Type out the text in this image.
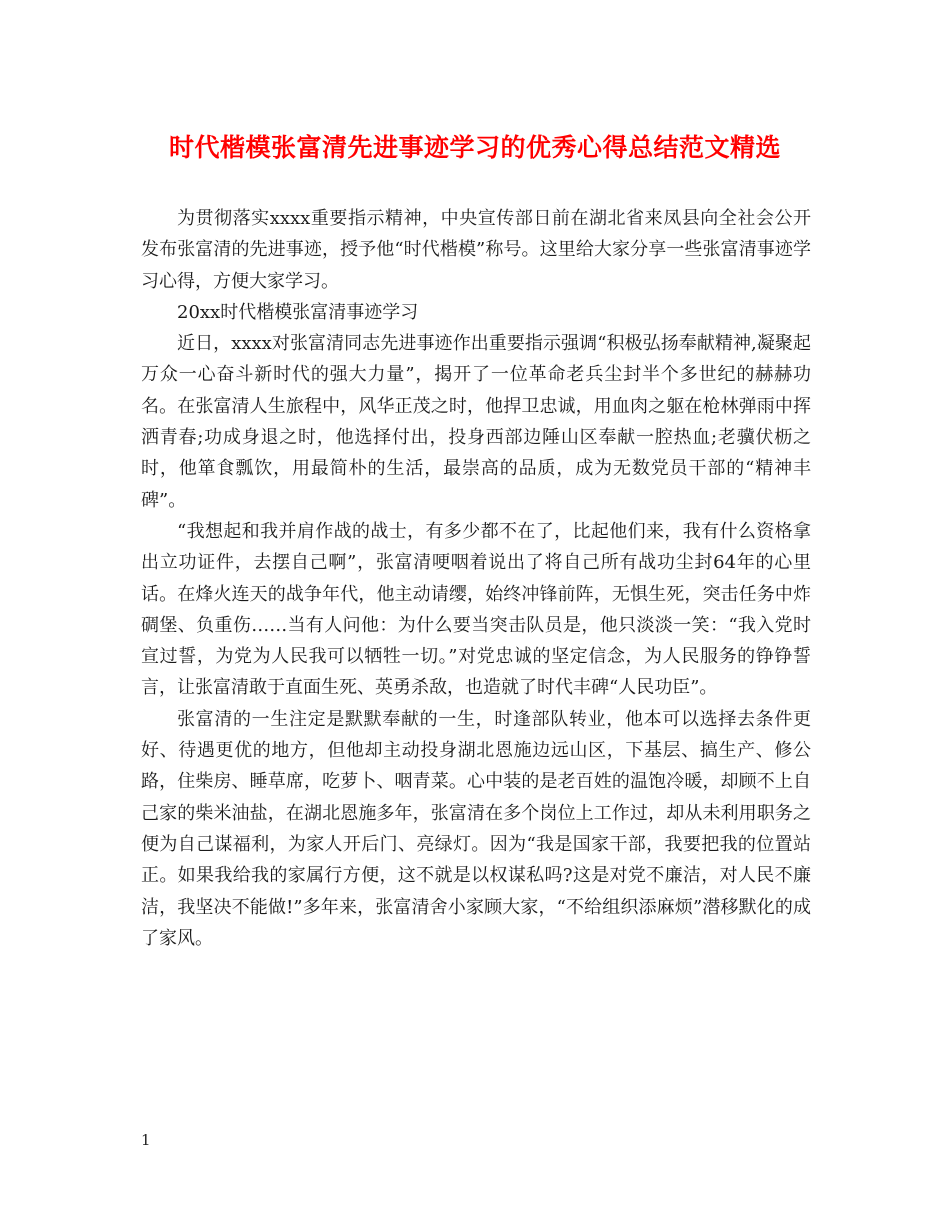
时代楷模张富清先进事迹学习的优秀心得总结范文精选

为贯彻落实xxxx重要指示精神，中央宣传部日前在湖北省来凤县向全社会公开发布张富清的先进事迹，授予他“时代楷模”称号。这里给大家分享一些张富清事迹学习心得，方便大家学习。

20xx时代楷模张富清事迹学习

近日，xxxx对张富清同志先进事迹作出重要指示强调“积极弘扬奉献精神,凝聚起万众一心奋斗新时代的强大力量”，揭开了一位革命老兵尘封半个多世纪的赫赫功名。在张富清人生旅程中，风华正茂之时，他捍卫忠诚，用血肉之躯在枪林弹雨中挥洒青春;功成身退之时，他选择付出，投身西部边陲山区奉献一腔热血;老骥伏枥之时，他箪食瓢饮，用最简朴的生活，最崇高的品质，成为无数党员干部的“精神丰碑”。

“我想起和我并肩作战的战士，有多少都不在了，比起他们来，我有什么资格拿出立功证件，去摆自己啊”，张富清哽咽着说出了将自己所有战功尘封64年的心里话。在烽火连天的战争年代，他主动请缨，始终冲锋前阵，无惧生死，突击任务中炸碉堡、负重伤……当有人问他：为什么要当突击队员是，他只淡淡一笑：“我入党时宣过誓，为党为人民我可以牺牲一切。”对党忠诚的坚定信念，为人民服务的铮铮誓言，让张富清敢于直面生死、英勇杀敌，也造就了时代丰碑“人民功臣”。

张富清的一生注定是默默奉献的一生，时逢部队转业，他本可以选择去条件更好、待遇更优的地方，但他却主动投身湖北恩施边远山区，下基层、搞生产、修公路，住柴房、睡草席，吃萝卜、咽青菜。心中装的是老百姓的温饱冷暖，却顾不上自己家的柴米油盐，在湖北恩施多年，张富清在多个岗位上工作过，却从未利用职务之便为自己谋福利，为家人开后门、亮绿灯。因为“我是国家干部，我要把我的位置站正。如果我给我的家属行方便，这不就是以权谋私吗?这是对党不廉洁，对人民不廉洁，我坚决不能做!”多年来，张富清舍小家顾大家，“不给组织添麻烦”潜移默化的成了家风。

1
